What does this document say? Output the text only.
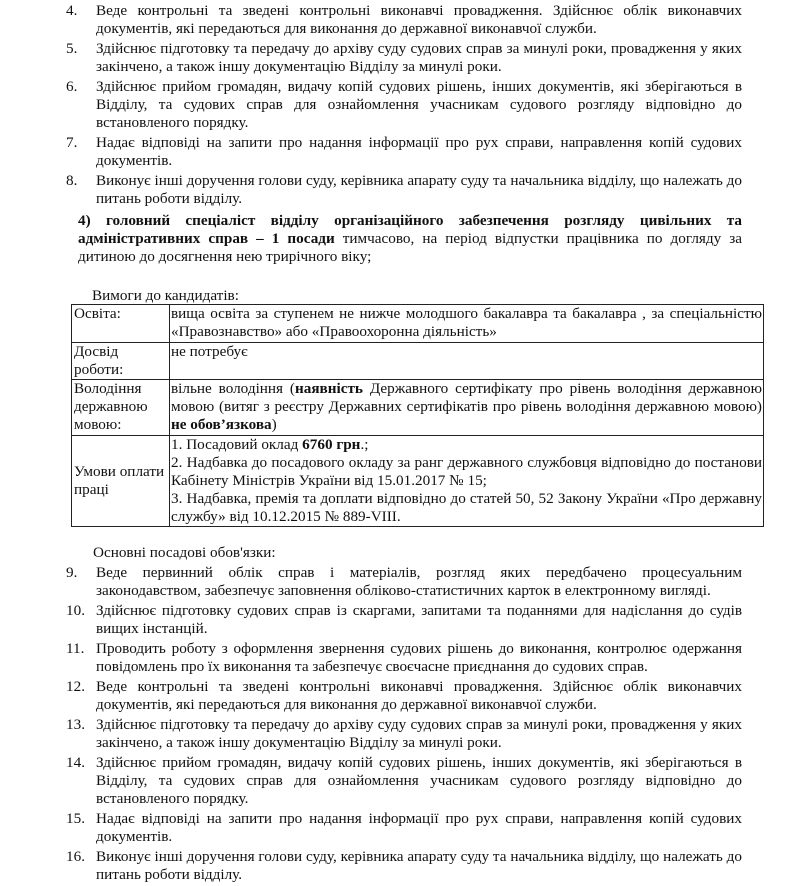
4.	Веде контрольні та зведені контрольні виконавчі провадження. Здійснює облік виконавчих документів, які передаються для виконання до державної виконавчої служби.
5.	Здійснює підготовку та передачу до архіву суду судових справ за минулі роки, провадження у яких закінчено, а також іншу документацію Відділу за минулі роки.
6.	Здійснює прийом громадян, видачу копій судових рішень, інших документів, які зберігаються в Відділу, та судових справ для ознайомлення учасникам судового розгляду відповідно до встановленого порядку.
7.	Надає відповіді на запити про надання інформації про рух справи, направлення копій судових документів.
8.	Виконує інші доручення голови суду, керівника апарату суду та начальника відділу, що належать до питань роботи відділу.
4) головний спеціаліст відділу організаційного забезпечення розгляду цивільних та адміністративних справ – 1 посади тимчасово, на період відпустки працівника по догляду за дитиною до досягнення нею трирічного віку;
Вимоги до кандидатів:
Освіта:	вища освіта за ступенем не нижче молодшого бакалавра та бакалавра , за спеціальністю «Правознавство» або «Правоохоронна діяльність»
Досвід роботи:	не потребує
Володіння державною мовою:	вільне володіння (наявність Державного сертифікату про рівень володіння державною мовою (витяг з реєстру Державних сертифікатів про рівень володіння державною мовою) не обов’язкова)
Умови оплати праці	1. Посадовий оклад 6760 грн.;
2. Надбавка до посадового окладу за ранг державного службовця відповідно до постанови Кабінету Міністрів України від 15.01.2017 № 15;
3. Надбавка, премія та доплати відповідно до статей 50, 52 Закону України «Про державну службу» від 10.12.2015 № 889-VIII.
Основні посадові обов'язки:
9.	Веде первинний облік справ і матеріалів, розгляд яких передбачено процесуальним законодавством, забезпечує заповнення обліково-статистичних карток в електронному вигляді.
10. Здійснює підготовку судових справ із скаргами, запитами та поданнями для надіслання до судів вищих інстанцій.
11. Проводить роботу з оформлення звернення судових рішень до виконання, контролює одержання повідомлень про їх виконання та забезпечує своєчасне приєднання до судових справ.
12. Веде контрольні та зведені контрольні виконавчі провадження. Здійснює облік виконавчих документів, які передаються для виконання до державної виконавчої служби.
13. Здійснює підготовку та передачу до архіву суду судових справ за минулі роки, провадження у яких закінчено, а також іншу документацію Відділу за минулі роки.
14. Здійснює прийом громадян, видачу копій судових рішень, інших документів, які зберігаються в Відділу, та судових справ для ознайомлення учасникам судового розгляду відповідно до встановленого порядку.
15. Надає відповіді на запити про надання інформації про рух справи, направлення копій судових документів.
16. Виконує інші доручення голови суду, керівника апарату суду та начальника відділу, що належать до питань роботи відділу.
